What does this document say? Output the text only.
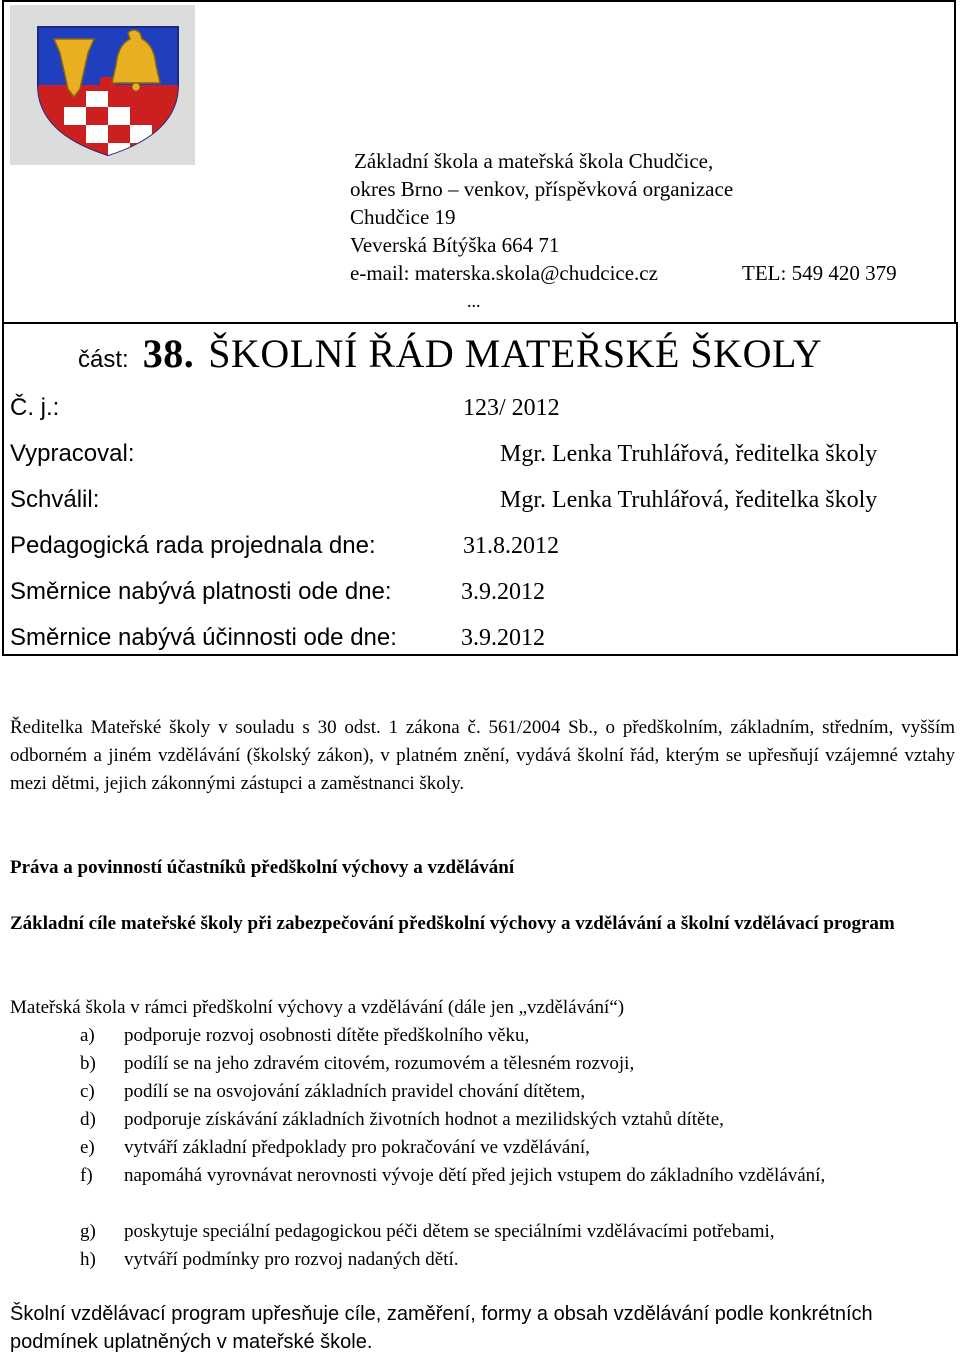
Základní škola a mateřská škola Chudčice,
okres Brno – venkov, příspěvková organizace
Chudčice 19
Veverská Bítýška 664 71
e-mail: materska.skola@chudcice.cz	TEL: 549 420 379
...
část: 38. ŠKOLNÍ ŘÁD MATEŘSKÉ ŠKOLY
Č. j.:	123/ 2012
Vypracoval:	Mgr. Lenka Truhlářová, ředitelka školy
Schválil:	Mgr. Lenka Truhlářová, ředitelka školy
Pedagogická rada projednala dne:	31.8.2012
Směrnice nabývá platnosti ode dne:	3.9.2012
Směrnice nabývá účinnosti ode dne:	3.9.2012
Ředitelka Mateřské školy v souladu s 30 odst. 1 zákona č. 561/2004 Sb., o předškolním, základním, středním, vyšším odborném a jiném vzdělávání (školský zákon), v platném znění, vydává školní řád, kterým se upřesňují vzájemné vztahy mezi dětmi, jejich zákonnými zástupci a zaměstnanci školy.
Práva a povinností účastníků předškolní výchovy a vzdělávání
Základní cíle mateřské školy při zabezpečování předškolní výchovy a vzdělávání a školní vzdělávací program
Mateřská škola v rámci předškolní výchovy a vzdělávání (dále jen „vzdělávání“)
a) podporuje rozvoj osobnosti dítěte předškolního věku,
b) podílí se na jeho zdravém citovém, rozumovém a tělesném rozvoji,
c) podílí se na osvojování základních pravidel chování dítětem,
d) podporuje získávání základních životních hodnot a mezilidských vztahů dítěte,
e) vytváří základní předpoklady pro pokračování ve vzdělávání,
f) napomáhá vyrovnávat nerovnosti vývoje dětí před jejich vstupem do základního vzdělávání,
g) poskytuje speciální pedagogickou péči dětem se speciálními vzdělávacími potřebami,
h) vytváří podmínky pro rozvoj nadaných dětí.
Školní vzdělávací program upřesňuje cíle, zaměření, formy a obsah vzdělávání podle konkrétních podmínek uplatněných v mateřské škole.
